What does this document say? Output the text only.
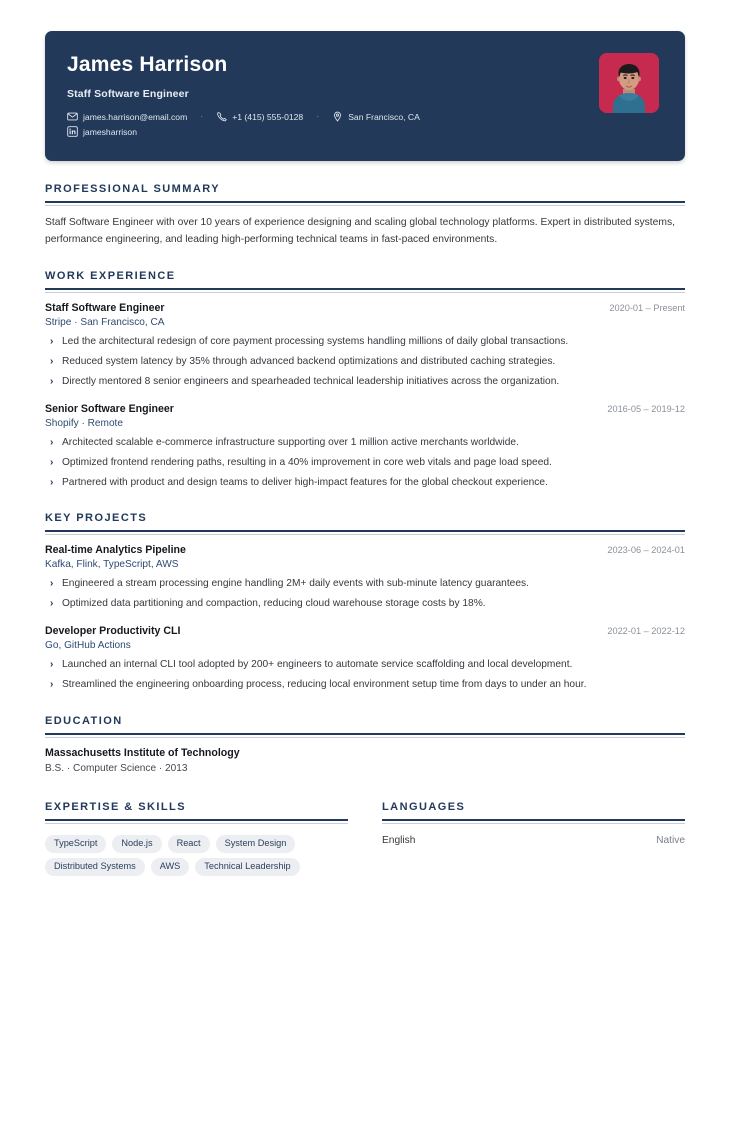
James Harrison
Staff Software Engineer
james.harrison@email.com ·	+1 (415) 555-0128 ·	San Francisco, CA
jamesharrison
PROFESSIONAL SUMMARY

Staff Software Engineer with over 10 years of experience designing and scaling global technology platforms. Expert in distributed systems, performance engineering, and leading high-performing technical teams in fast-paced environments.

WORK EXPERIENCE
Staff Software Engineer	2020-01 – Present
Stripe · San Francisco, CA
› Led the architectural redesign of core payment processing systems handling millions of daily global transactions.
› Reduced system latency by 35% through advanced backend optimizations and distributed caching strategies.
› Directly mentored 8 senior engineers and spearheaded technical leadership initiatives across the organization.
Senior Software Engineer	2016-05 – 2019-12
Shopify · Remote
› Architected scalable e-commerce infrastructure supporting over 1 million active merchants worldwide.
› Optimized frontend rendering paths, resulting in a 40% improvement in core web vitals and page load speed.
› Partnered with product and design teams to deliver high-impact features for the global checkout experience.
KEY PROJECTS
Real-time Analytics Pipeline	2023-06 – 2024-01
Kafka, Flink, TypeScript, AWS
› Engineered a stream processing engine handling 2M+ daily events with sub-minute latency guarantees.
› Optimized data partitioning and compaction, reducing cloud warehouse storage costs by 18%.
Developer Productivity CLI	2022-01 – 2022-12
Go, GitHub Actions
› Launched an internal CLI tool adopted by 200+ engineers to automate service scaffolding and local development.
› Streamlined the engineering onboarding process, reducing local environment setup time from days to under an hour.
EDUCATION
Massachusetts Institute of Technology
B.S. · Computer Science · 2013
EXPERTISE & SKILLS
TypeScript	Node.js	React	System Design
Distributed Systems	AWS	Technical Leadership
LANGUAGES
English	Native
